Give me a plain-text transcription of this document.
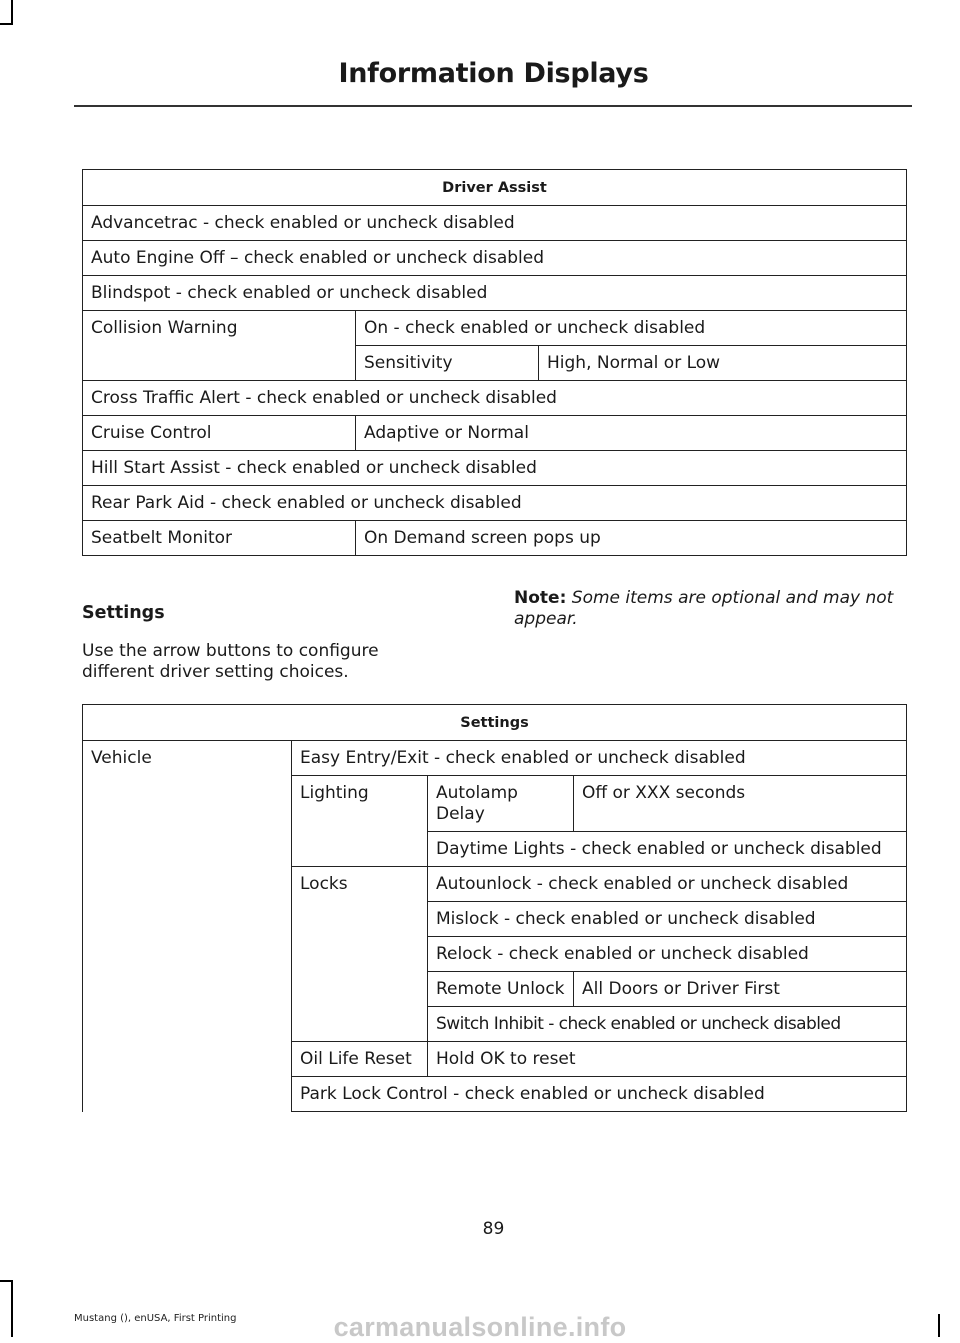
Information Displays
Driver Assist		
Advancetrac - check enabled or uncheck disabled		
Auto Engine Off – check enabled or uncheck disabled		
Blindspot - check enabled or uncheck disabled		
Collision Warning	On - check enabled or uncheck disabled	
	Sensitivity	High, Normal or Low
Cross Traffic Alert - check enabled or uncheck disabled		
Cruise Control	Adaptive or Normal	
Hill Start Assist - check enabled or uncheck disabled		
Rear Park Aid - check enabled or uncheck disabled		
Seatbelt Monitor	On Demand screen pops up	
Settings
Use the arrow buttons to configure different driver setting choices.
Note: Some items are optional and may not appear.
Settings			
Vehicle	Easy Entry/Exit - check enabled or uncheck disabled		
	Lighting	Autolamp Delay	Off or XXX seconds
		Daytime Lights - check enabled or uncheck disabled	
	Locks	Autounlock - check enabled or uncheck disabled	
		Mislock - check enabled or uncheck disabled	
		Relock - check enabled or uncheck disabled	
		Remote Unlock	All Doors or Driver First
		Switch Inhibit - check enabled or uncheck disabled	
	Oil Life Reset	Hold OK to reset	
	Park Lock Control - check enabled or uncheck disabled		
89
Mustang (), enUSA, First Printing	carmanualsonline.info
